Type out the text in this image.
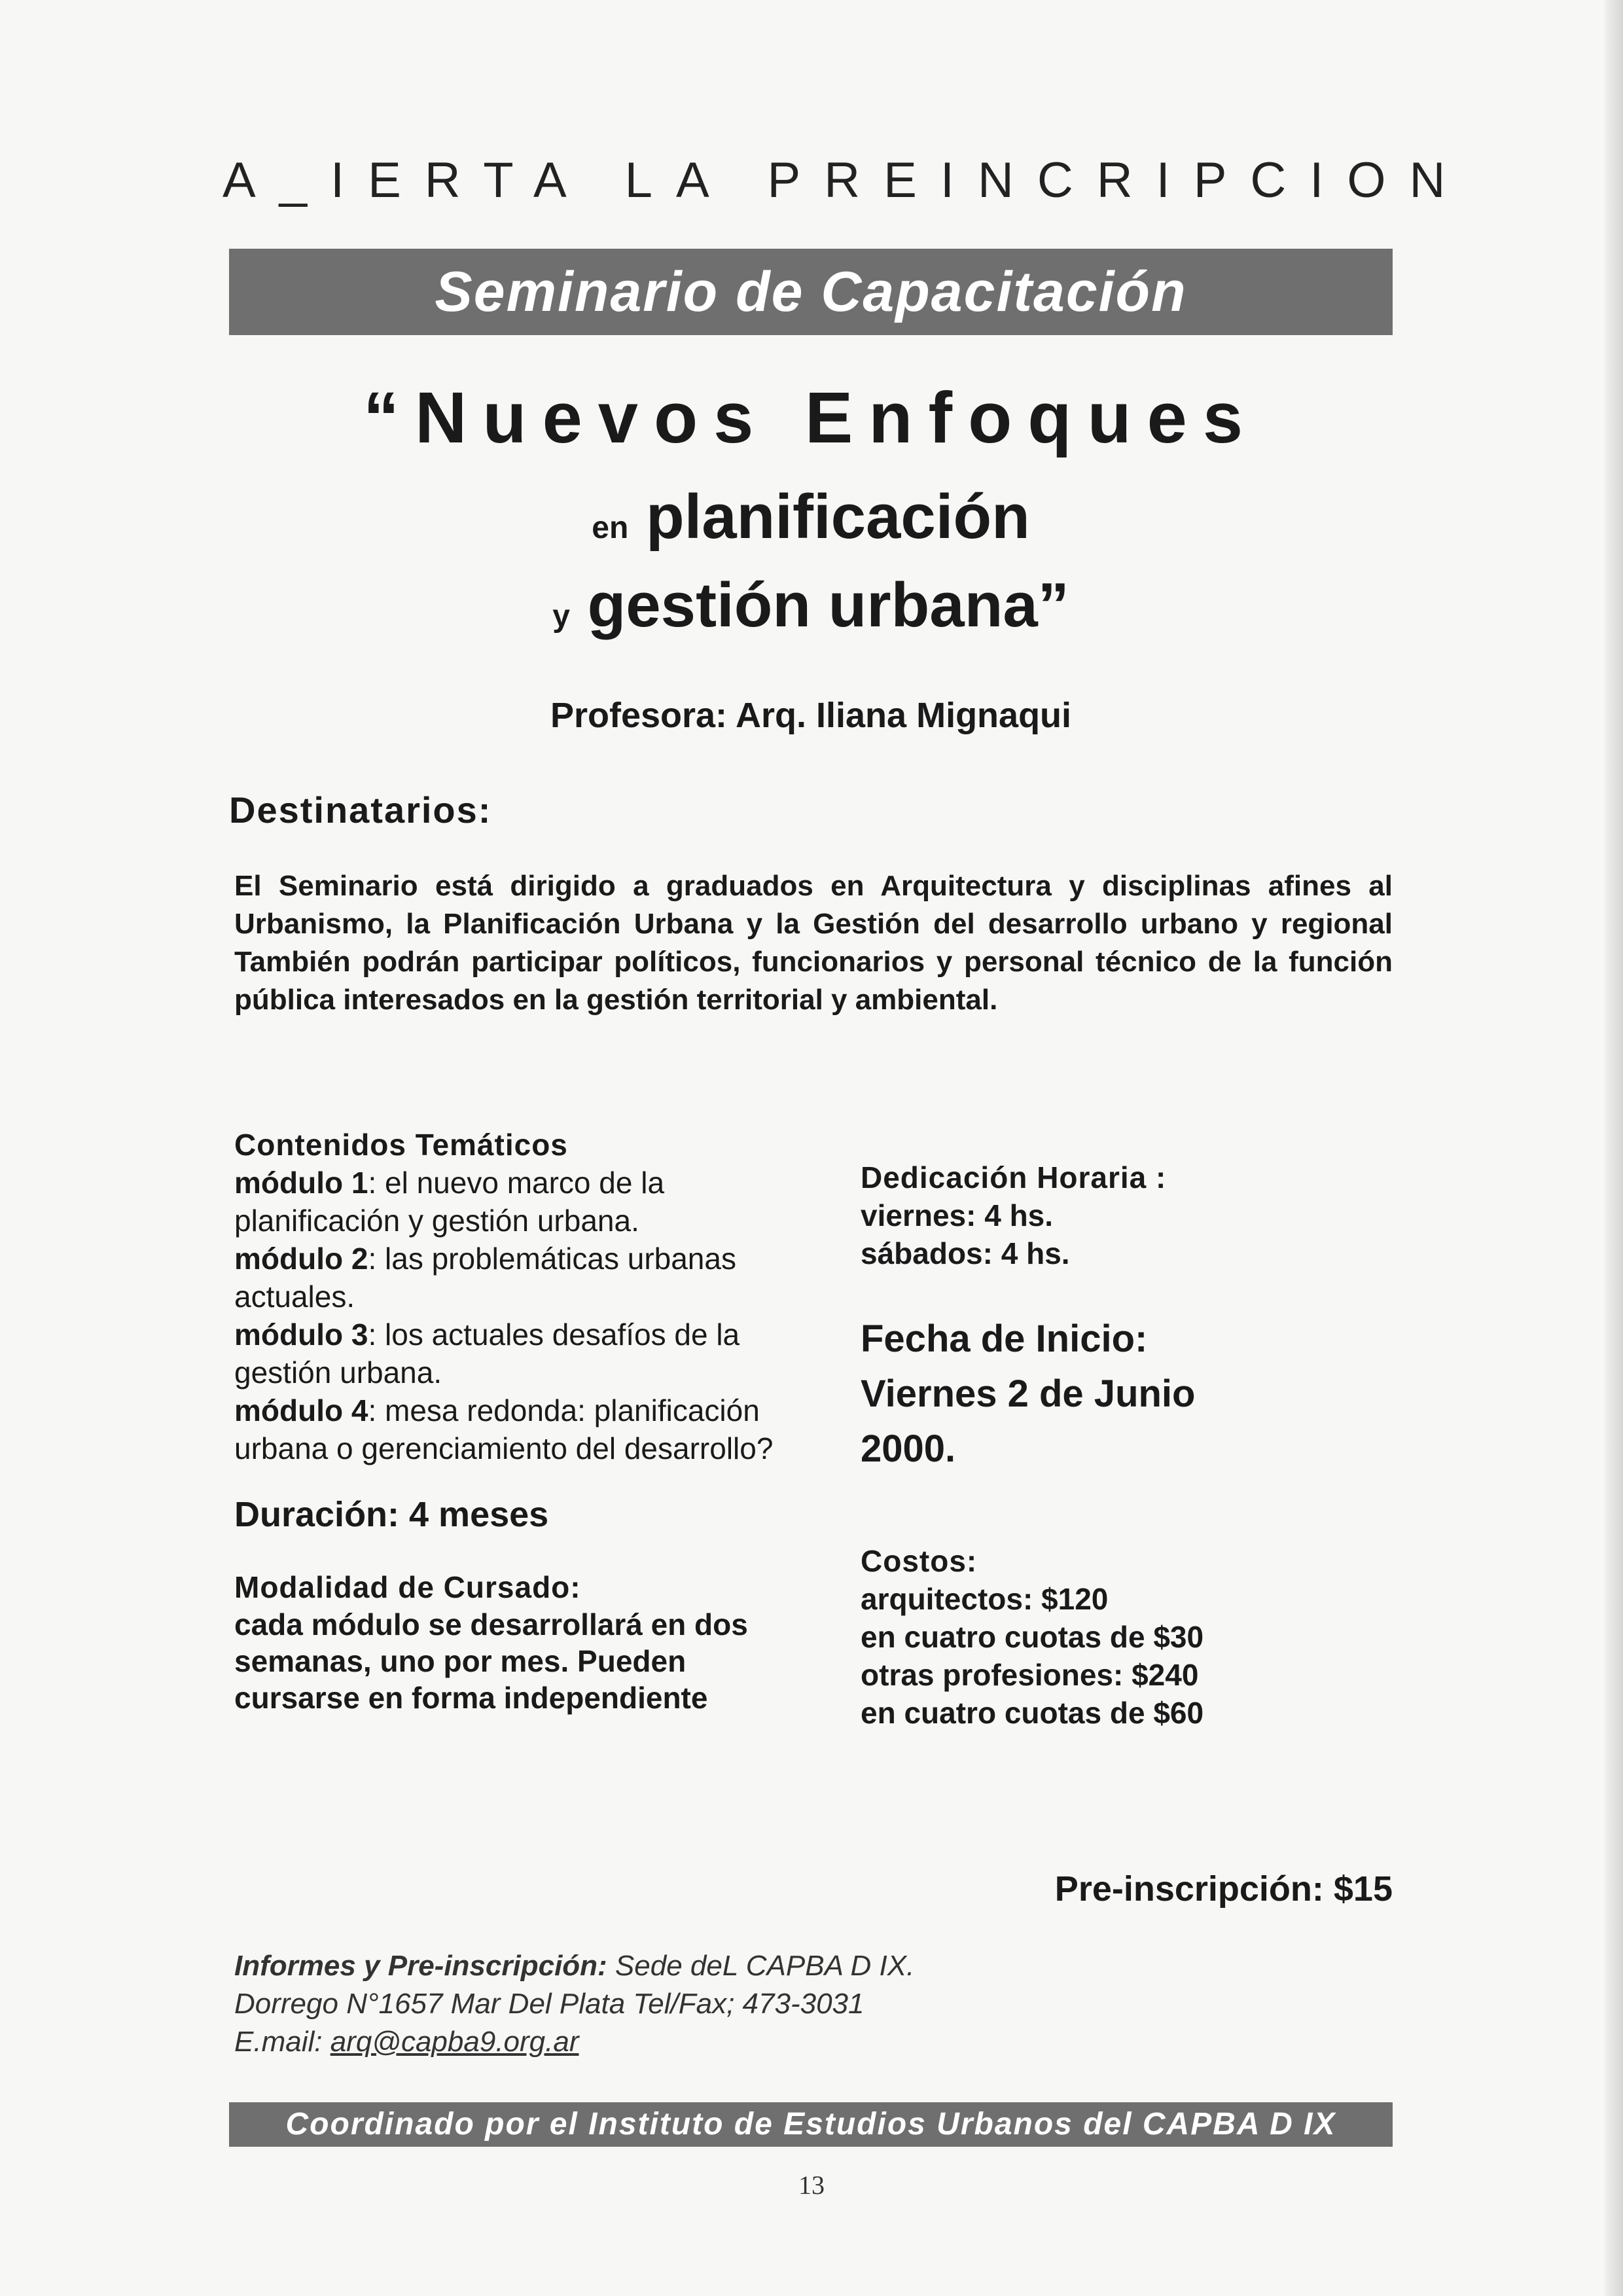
A_IERTA LA PREINCRIPCION
Seminario de Capacitación
“Nuevos Enfoques
en planificación
y gestión urbana”
Profesora: Arq. Iliana Mignaqui
Destinatarios:
El Seminario está dirigido a graduados en Arquitectura y disciplinas afines al Urbanismo, la Planificación Urbana y la Gestión del desarrollo urbano y regional También podrán participar políticos, funcionarios y personal técnico de la función pública interesados en la gestión territorial y ambiental.

Contenidos Temáticos

módulo 1: el nuevo marco de la planificación y gestión urbana.

módulo 2: las problemáticas urbanas actuales.

módulo 3: los actuales desafíos de la gestión urbana.

módulo 4: mesa redonda: planificación urbana o gerenciamiento del desarrollo?

Duración: 4 meses

Modalidad de Cursado:

cada módulo se desarrollará en dos semanas, uno por mes. Pueden cursarse en forma independiente

Dedicación Horaria :

viernes: 4 hs.

sábados: 4 hs.

Fecha de Inicio:
Viernes 2 de Junio
2000.

Costos:

arquitectos: $120

en cuatro cuotas de $30

otras profesiones: $240

en cuatro cuotas de $60

Pre-inscripción: $15

Informes y Pre-inscripción: Sede deL CAPBA D IX.

Dorrego N°1657 Mar Del Plata Tel/Fax; 473-3031

E.mail: arq@capba9.org.ar

Coordinado por el Instituto de Estudios Urbanos del CAPBA D IX
13
